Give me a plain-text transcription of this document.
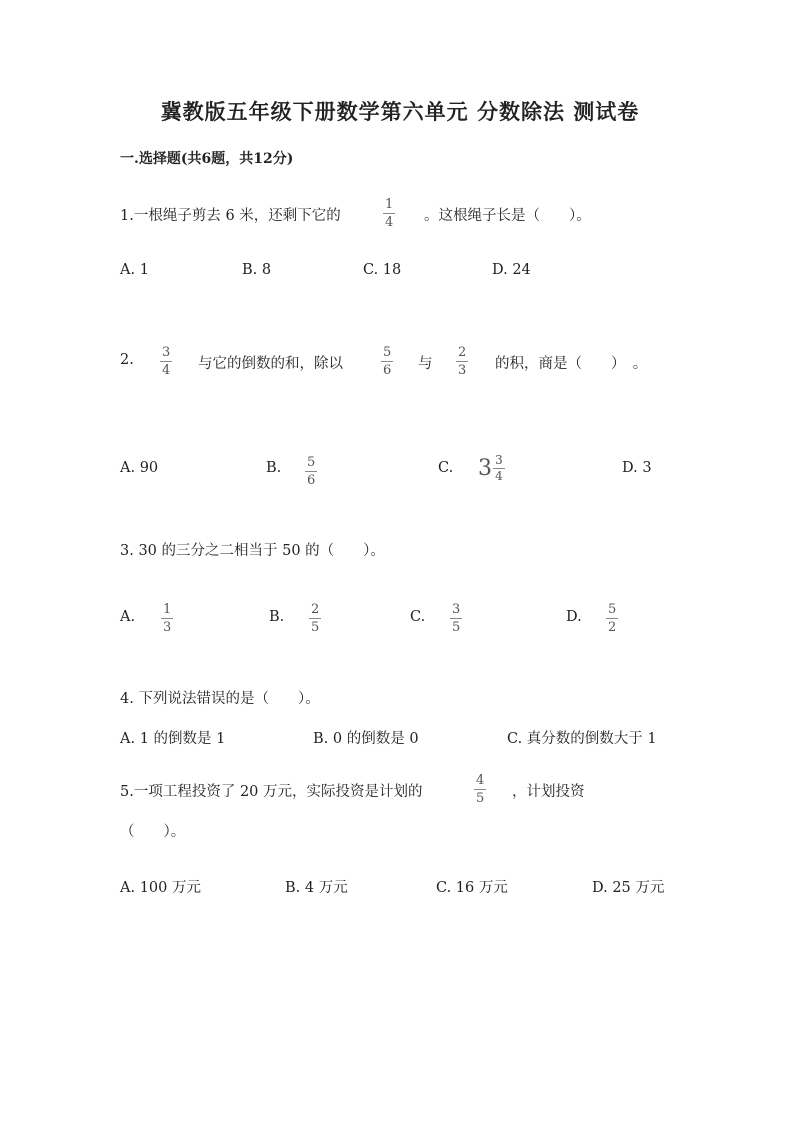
冀教版五年级下册数学第六单元 分数除法 测试卷
一.选择题(共6题，共12分)
1.一根绳子剪去 6 米，还剩下它的
1
4 。这根绳子长是（　　）。
A. 1	B. 8	C. 18	D. 24
2. 3
4 与它的倒数的和，除以
5
6 与
2
3 的积，商是（　　）　。
A. 90	B. 5
6
C. $3 \frac{3}{4}$	D. 3
3. 30 的三分之二相当于 50 的（　　）。
A. 1
3
B. 2
5
C. 3
5
D. 5
2
4. 下列说法错误的是（　　）。
A. 1 的倒数是 1	B. 0 的倒数是 0	C. 真分数的倒数大于 1
5.一项工程投资了 20 万元，实际投资是计划的
4
5 ，计划投资
（　　）。
A. 100 万元	B. 4 万元	C. 16 万元	D. 25 万元
